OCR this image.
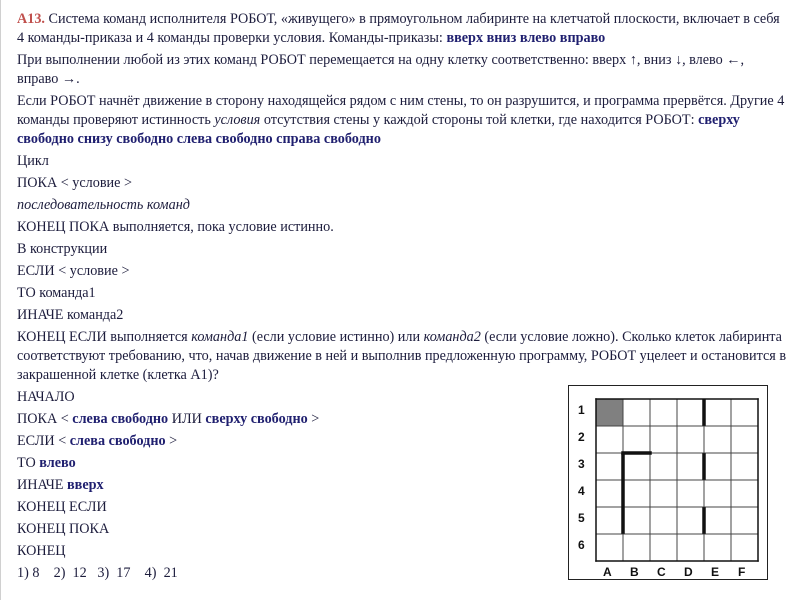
A13. Система команд исполнителя РОБОТ, «живущего» в прямоугольном лабиринте на клетчатой плоскости, включает в себя 4 команды-приказа и 4 команды проверки условия. Команды-приказы: вверх вниз влево вправо
При выполнении любой из этих команд РОБОТ перемещается на одну клетку соответственно: вверх ↑, вниз ↓, влево ←, вправо →.
Если РОБОТ начнёт движение в сторону находящейся рядом с ним стены, то он разрушится, и программа прервётся. Другие 4 команды проверяют истинность условия отсутствия стены у каждой стороны той клетки, где находится РОБОТ: сверху свободно снизу свободно слева свободно справа свободно
Цикл
ПОКА < условие >
последовательность команд
КОНЕЦ ПОКА выполняется, пока условие истинно.
В конструкции
ЕСЛИ < условие >
ТО команда1
ИНАЧЕ команда2
КОНЕЦ ЕСЛИ выполняется команда1 (если условие истинно) или команда2 (если условие ложно). Сколько клеток лабиринта соответствуют требованию, что, начав движение в ней и выполнив предложенную программу, РОБОТ уцелеет и остановится в закрашенной клетке (клетка А1)?
НАЧАЛО
ПОКА < слева свободно ИЛИ сверху свободно >
ЕСЛИ < слева свободно >
ТО влево
ИНАЧЕ вверх
КОНЕЦ ЕСЛИ
КОНЕЦ ПОКА
КОНЕЦ
1) 8    2)  12   3)  17    4)  21
1
2
3
4
5
6
A B C D E F
